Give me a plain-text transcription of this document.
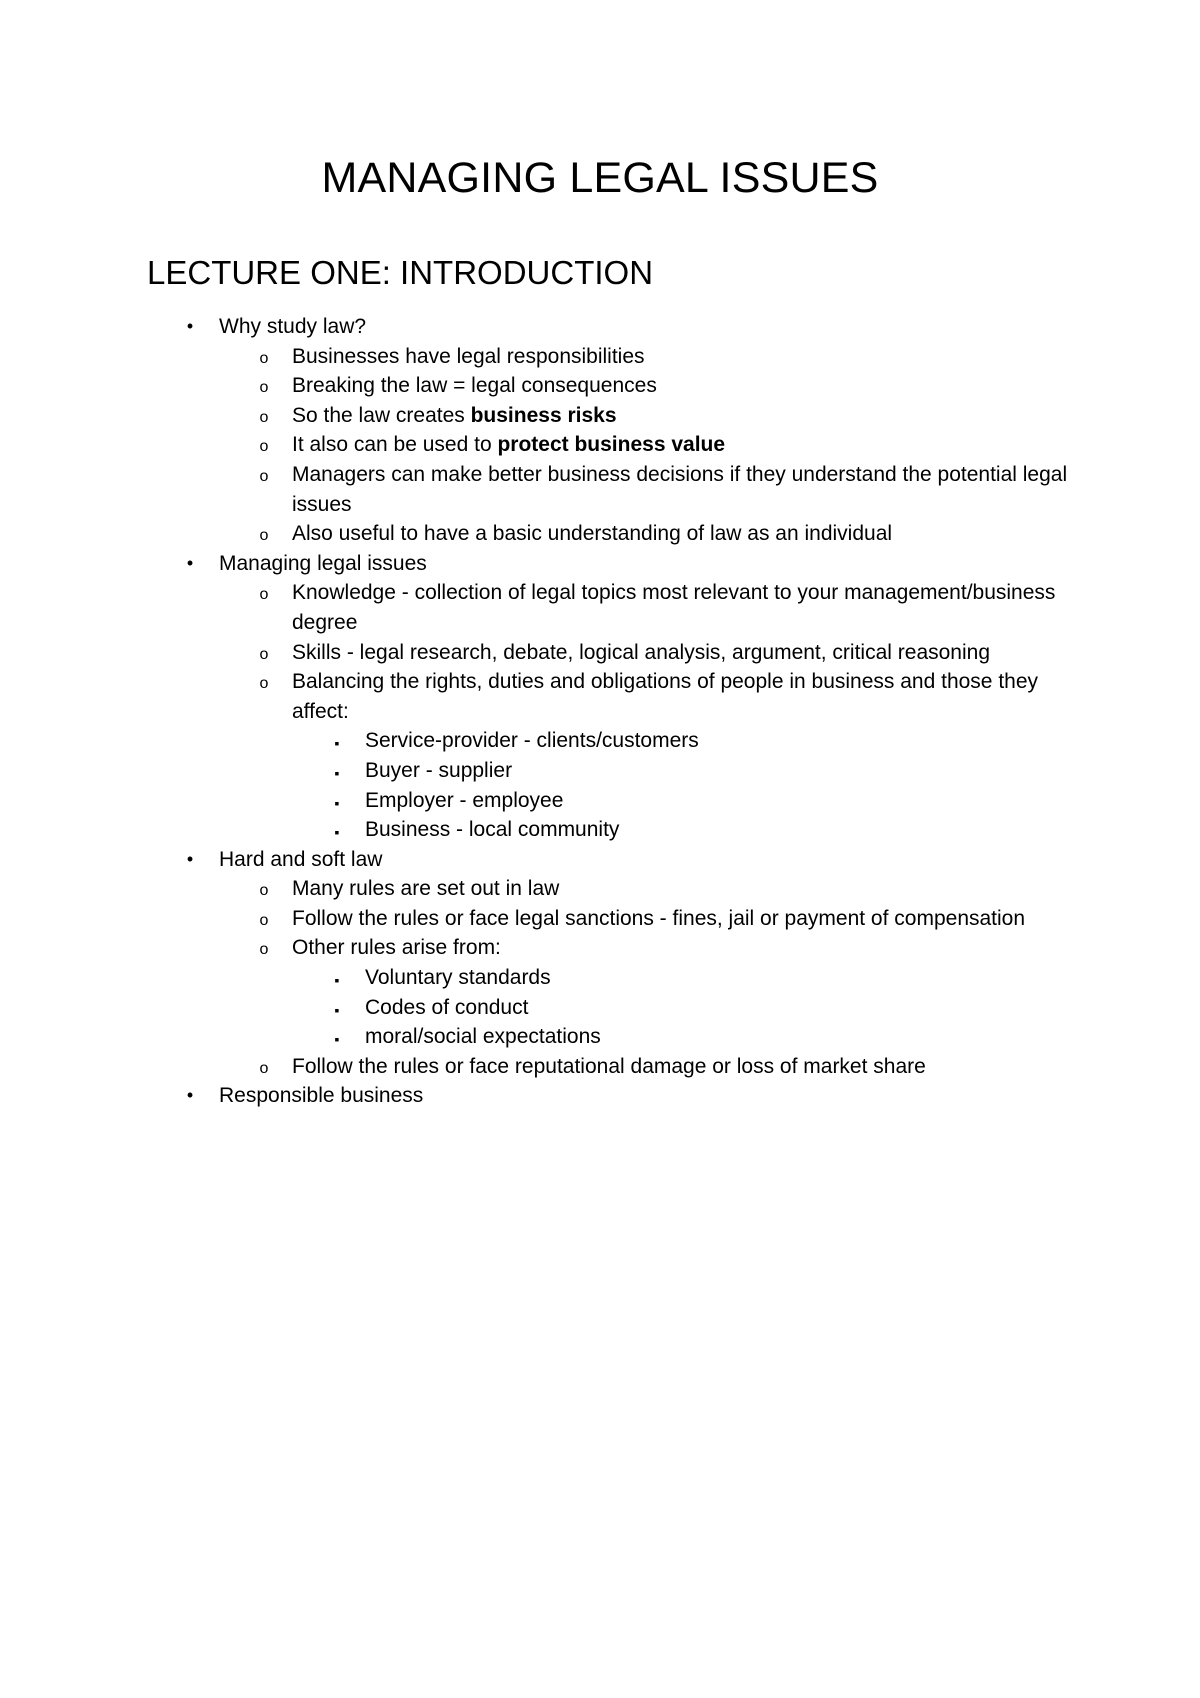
MANAGING LEGAL ISSUES
LECTURE ONE: INTRODUCTION
•	Why study law?
o Businesses have legal responsibilities
o Breaking the law = legal consequences
o So the law creates business risks
o It also can be used to protect business value
o Managers can make better business decisions if they understand the potential legal issues
o Also useful to have a basic understanding of law as an individual
•	Managing legal issues
o Knowledge - collection of legal topics most relevant to your management/business degree
o Skills - legal research, debate, logical analysis, argument, critical reasoning
o Balancing the rights, duties and obligations of people in business and those they affect:
▪	Service-provider - clients/customers
▪	Buyer - supplier
▪	Employer - employee
▪	Business - local community
•	Hard and soft law
o Many rules are set out in law
o Follow the rules or face legal sanctions - fines, jail or payment of compensation
o Other rules arise from:
▪	Voluntary standards
▪	Codes of conduct
▪	moral/social expectations
o Follow the rules or face reputational damage or loss of market share
•	Responsible business
